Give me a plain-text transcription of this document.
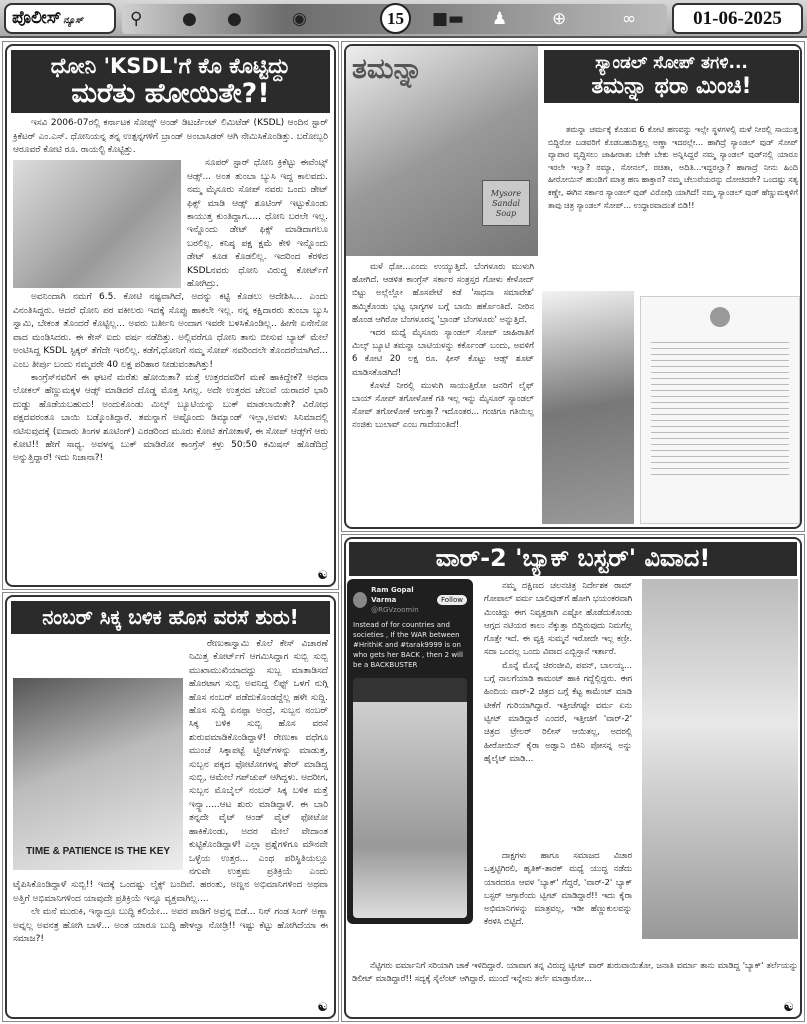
ಪೊಲೀಸ್ ನ್ಯೂಸ್	⚲ ● ●	◉	■▬ ♟	⊕	∞
15	01-06-2025
ಧೋನಿ 'KSDL'ಗೆ ಕೊ ಕೊಟ್ಟಿದ್ದು
ಮರೆತು ಹೋಯಿತೇ?!

ಇಸವಿ 2006-07ರಲ್ಲಿ ಕರ್ನಾಟಕ ಸೋಪ್ಸ್ ಅಂಡ್ ಡಿಟರ್ಜೆಂಟ್ ಲಿಮಿಟೆಡ್ (KSDL) ಆಂದಿನ ಸ್ಟಾರ್ ಕ್ರಿಕೆಟರ್ ಎಂ.ಎಸ್. ಧೋನಿಯನ್ನ ತನ್ನ ಉತ್ಪನ್ನಗಳಿಗೆ ಬ್ರಾಂಡ್ ಅಂಬಾಸಿಡರ್ ಆಗಿ ನೇಮಿಸಿಕೊಂಡಿತ್ತು. ಬರೋಬ್ಬರಿ ಆರೂವರೆ ಕೋಟಿ ರೂ. ರಾಯಲ್ಟಿ ಕೊಟ್ಟಿತ್ತು.

ಸೂಪರ್ ಸ್ಟಾರ್ ಧೋನಿ ಕ್ರಿಕೆಟ್ಟು ಈವೆಂಟ್ಸ್ ಆಡ್ಸ್... ಅಂತ ತುಂಬಾ ಬ್ಯುಸಿ ಇದ್ದ ಕಾಲವದು. ನಮ್ಮ ಮೈಸೂರು ಸೋಪ್ ನವರು ಒಂದು ಡೇಟ್ ಫಿಕ್ಸ್ ಮಾಡಿ ಆಡ್ಸ್ ಶೂಟಿಂಗ್ ಇಟ್ಟುಕೊಂಡು ಕಾಯುತ್ತ ಕುಂತಿದ್ದಾಗ..... ಧೋನಿ ಬರಲೇ ಇಲ್ಲ. ಇನ್ನೊಂದು ಡೇಟ್ ಫಿಕ್ಸ್ ಮಾಡಿದಾಗಲೂ ಬರಲಿಲ್ಲ. ಕನಿಷ್ಠ ಪಕ್ಷ ಕ್ಷಮೆ ಕೇಳಿ ಇನ್ನೊಂದು ಡೇಟ್ ಕೂಡ ಕೊಡಲಿಲ್ಲ. ಇದರಿಂದ ಕೆರಳಿದ KSDLನವರು ಧೋನಿ ವಿರುದ್ಧ ಕೋರ್ಟ್‌ಗೆ ಹೋಗಿದ್ರು.

ಅವನಿಂದಾಗಿ ನಮಗೆ 6.5. ಕೋಟಿ ನಷ್ಟವಾಗಿದೆ, ಅದನ್ನು ಕಟ್ಟಿ ಕೊಡಲು ಆದೇಶಿಸಿ... ಎಂದು ವಿನಂತಿಸಿದ್ದರು. ಆದರೆ ಧೋನಿ ಪರ ವಕೀಲರು ಇದಕ್ಕೆ ಸೊಪ್ಪು ಹಾಕಲೇ ಇಲ್ಲ. ನನ್ನ ಕಕ್ಷಿದಾರರು ತುಂಬಾ ಬ್ಯುಸಿ ಸ್ವಾಮಿ, ಬೇಕಂತ ತೊಂದರೆ ಕೊಟ್ಟಿಲ್ಲ... ಅವರು ಬರ್ತೀನಿ ಅಂದಾಗ ಇವರೇ ಬಳಸಿಕೊಂಡಿಲ್ಲ.. ಹೀಗೇ ಏನೇನೋ ವಾದ ಮಂಡಿಸಿದರು. ಈ ಕೇಸ್ ಐದು ವರ್ಷ ನಡೆದಿತ್ತು. ಅಲ್ಲಿವರೆಗೂ ಧೋನಿ ತಾನು ಬೀಸುವ ಬ್ಯಾಟ್ ಮೇಲೆ ಅಂಟಿಸಿದ್ದ KSDL ಸ್ಟಿಕ್ಕರ್ ತೆಗೆದೇ ಇರಲಿಲ್ಲ. ಕಡೆಗೆ,ಧೋನಿಗೆ ನಮ್ಮ ಸೋಪ್ ನವರಿಂದಲೇ ತೊಂದರೆಯಾಗಿದೆ... ಎಂಬ ತೀರ್ಪು ಬಂದು ನಮ್ಮವರೇ 40 ಲಕ್ಷ ಪರಿಹಾರ ನೀಡುವಂತಾಗಿತ್ತು!

ಕಾಂಗ್ರೆಸ್‌ನವರಿಗೆ ಈ ಘಟನೆ ಮರೆತು ಹೋಯಿತಾ? ಮತ್ತೆ ಉತ್ತರದವರಿಗೆ ಮಣೆ ಹಾಕಿದ್ದೇಕೆ? ಅಥವಾ ಲೋಕಲ್ ಹೆಣ್ಣುಮಕ್ಕಳ ಆಡ್ಸ್ ಮಾಡಿದರೆ ದೊಡ್ಡ ಮೊತ್ತ ಸಿಗಲ್ಲ. ಅದೇ ಉತ್ತರದ ಚೆಲುವೆ ಯರಾದರೆ ಭಾರಿ ದುಡ್ಡು ಹೊಡೆಯಬಹುದು! ಅಂದುಕೊಂಡು ಮಿಲ್ಕ್ ಬ್ಯೂಟಿಯನ್ನು ಬುಕ್ ಮಾಡಲಾಯಿತೇ? ವಿರೋಧ ಪಕ್ಷದವರಂತೂ ಬಾಯಿ ಬಡ್ಕೊಂತಿದ್ದಾರೆ. ತಮನ್ನಾಗೆ ಅಷ್ಟೊಂದು ಡಿಮ್ಯಾಂಡ್ ಇಲ್ಲಾ,ಅವಳು ಸಿನಿಮಾದಲ್ಲಿ ನಟಿಸುವುದಕ್ಕೆ (ಐದಾರು ತಿಂಗಳ ಶೂಟಿಂಗ್) ಎರಡರಿಂದ ಮೂರು ಕೋಟಿ ತಗೋತಾಳೆ, ಈ ಸೋಪ್ ಆಡ್ಸ್‌ಗೆ ಆರು ಕೋಟಿ!! ಹೇಗೆ ಸಾಧ್ಯ. ಅವಳನ್ನ ಬುಕ್ ಮಾಡಿರೋ ಕಾಂಗ್ರೆಸ್ ಕಳ್ರು 50:50 ಕಮಿಷನ್ ಹೊಡೆದಿದ್ರೆ ಅನ್ನುತ್ತಿದ್ದಾರೆ! ಇದು ನಿಜಾನಾ?!

☯
ನಂಬರ್ ಸಿಕ್ಕ ಬಳಿಕ ಹೊಸ ವರಸೆ ಶುರು!
TIME & PATIENCE IS THE KEY

ರೇಣುಕಾಸ್ವಾಮಿ ಕೊಲೆ ಕೇಸ್ ವಿಚಾರಣೆ ನಿಮಿತ್ತ ಕೋರ್ಟ್‌ಗೆ ಆಗಮಿಸಿದ್ದಾಗ ಸುಬ್ಬಿ ಸುಬ್ಬಿ ಮುಖಾಮುಖಿಯಾದದ್ದು ಸುಬ್ಬ ಮಾತಾಡಿಸದೆ ಹೊರಟಾಗ ಸುಬ್ಬಿ ಅವನಿದ್ದ ಲಿಫ್ಟ್ ಒಳಗೆ ನುಗ್ಗಿ ಹೊಸ ನಂಬರ್ ಪಡೆದುಕೊಂಡದ್ದೆಲ್ಲ ಹಳೇ ಸುದ್ದಿ. ಹೊಸ ಸುದ್ದಿ ಏನಪ್ಪಾ ಅಂದ್ರೆ, ಸುಬ್ಬನ ನಂಬರ್ ಸಿಕ್ಕ ಬಳಿಕ ಸುಬ್ಬಿ ಹೊಸ ವರಸೆ ಶುರುವಮಾಡಿಕೊಂಡಿದ್ದಾಳೆ! ರೇಣುಕಾ ವಧೆಗೂ ಮುಂಚೆ ಸಿಕ್ಕಾಪಟ್ಟೆ ಟ್ವೀಟ್‌ಗಳನ್ನು ಮಾಡುತ್ತ, ಸುಬ್ಬನ ಪಕ್ಕದ ಫೋಟೋಗಳನ್ನ ಶೇರ್ ಮಾಡಿದ್ದ ಸುಬ್ಬಿ, ಆಮೇಲೆ ಗಪ್‌ಚುಪ್ ಆಗಿದ್ದಳು. ಆದರೀಗ, ಸುಬ್ಬನ ಮೊಬೈಲ್ ನಂಬರ್ ಸಿಕ್ಕ ಬಳಿಕ ಮತ್ತೆ ಇನ್ಸ್ಟಾ.....ಆಟ ಶುರು ಮಾಡಿದ್ದಾಳೆ. ಈ ಬಾರಿ ತನ್ನದೇ ವೈಟ್ ಆಂಡ್ ವೈಟ್ ಫೋಟೋ ಹಾಕಿಕೊಂಡು, ಅದರ ಮೇಲೆ ವೇದಾಂತ ಕುಟ್ಟಿಕೊಂಡಿದ್ದಾಳೆ! ಎಲ್ಲಾ ಪ್ರಶ್ನೆಗಳಿಗೂ ಮೌನವೇ ಒಳ್ಳೆಯ ಉತ್ತರ... ಎಂಥ ಪರಿಸ್ಥಿತಿಯಲ್ಲೂ ನಗುವೇ ಉತ್ತಮ ಪ್ರತಿಕ್ರಿಯೆ ಎಂದು ಟೈಪಿಸಿಕೊಂಡಿದ್ದಾಳೆ ಸುಬ್ಬಿ!! ಇದಕ್ಕೆ ಒಂದಷ್ಟು ಲೈಕ್ಸ್ ಬಂದಿವೆ. ಹರಂತು, ಅಣ್ಣನ ಅಭಿಮಾನಿಗಳಿಂದ ಅಥವಾ ಅತ್ತಿಗೆ ಅಭಿಮಾನಿಗಳಿಂದ ಯಾವುದೇ ಪ್ರತಿಕ್ರಿಯೆ ಇನ್ನೂ ವ್ಯಕ್ತವಾಗಿಲ್ಲ....

ಲೇ ಮನೆ ಮುರುಕಿ, ಇನ್ನಾದ್ರೂ ಬುದ್ಧಿ ಕಲಿಯೇ... ಅವರ ಪಾಡಿಗೆ ಅವ್ರನ್ನ ಬಿಡೆ... ನಿನ್ ಗಂಡ ಸಿಂಗ್ ಅಣ್ಣಾ ಅವ್ನಲ್ಲ ಅವನತ್ರ ಹೋಗಿ ಬಾಳೆ... ಅಂತ ಯಾರೂ ಬುದ್ಧಿ ಹೇಳಲ್ವಾ ನೋಡ್ರಿ!! ಇಷ್ಟು ಕೆಟ್ಟು ಹೋಗಿದೆಯಾ ಈ ಸಮಾಜ?!

☯
ತಮನ್ನಾ
Mysore Sandal Soap
ಸ್ಯಾಂಡಲ್ ಸೋಪ್ ತಗಳಿ...
ತಮನ್ನಾ ಥರಾ ಮಿಂಚಿ!

ತಮನ್ನಾ ಚರ್ಮಕ್ಕೆ ಕೊಡುವ 6 ಕೋಟಿ ಹಣವನ್ನು ಇಲ್ಲೇ ಸ್ಥಳಗಳಲ್ಲಿ ಮಳೆ ನೀರಲ್ಲಿ ಸಾಯುತ್ತ ಬಿದ್ದಿರೋ ಬಡವರಿಗೆ ಕೊಡಬಹುದಿತ್ತಲ್ಲ ಅಣ್ಣಾ ಇದರಲ್ಲೇ... ಹಾಗಿದ್ರೆ ಸ್ಯಾಂಡಲ್ ವುಡ್ ಸೋಪ್ ವ್ಯಾಪಾರ ವೃದ್ಧಿಸಲು ಜಾಹೀರಾತು ಬೇಕೇ ಬೇಕು ಅನ್ನಿಸಿದ್ದರೆ ನಮ್ಮ ಸ್ಯಾಂಡಲ್ ವುಡ್‌ನಲ್ಲಿ ಯಾರೂ ಇರಲೇ ಇಲ್ವಾ? ರಮ್ಯಾ, ಸೋನಲ್, ರಚಿತಾ, ಅದಿತಿ...ಇದ್ದರಲ್ವಾ? ಹಾಗಾದ್ರೆ ನೀನು ಹಿಂದಿ ಹೀರೋಯಿನ್ ಹುಂಡಿಗೆ ಮಾತ್ರ ಹಣ ಹಾಕ್ತಾರ? ನಮ್ಮ ಚೆಲುವೆಯರನ್ನು ದೋಚಿದರೇ? ಒಂದಷ್ಟು ಸತ್ಯ ಕಣ್ಣೇ, ಈಗಿನ ಸರ್ಕಾರ ಸ್ಯಾಂಡಲ್ ವುಡ್ ವಿರೋಧಿ ಯಾಗಿದೆ! ನಮ್ಮ ಸ್ಯಾಂಡಲ್ ವುಡ್ ಹೆಣ್ಣುಮಕ್ಕಳಿಗೆ ತಾವು ಚಿತ್ರ ಸ್ಯಾಂಡಲ್ ಸೋಪ್... ಉದ್ಧಾರವಾದಂತೆ ಬಿಡಿ!!

ಮಳೆ ಧೋ...ಎಂದು ಉಯ್ಯುತ್ತಿದೆ. ಬೆಂಗಳೂರು ಮುಳುಗಿ ಹೋಗಿದೆ. ಆಡಳಿತ ಕಾಂಗ್ರೆಸ್ ಸರ್ಕಾರ ಸಂತ್ರಸ್ತರ ಗೋಳು ಕೇಳೋದ್ ಬಿಟ್ಟು ಅಲ್ಲೆಲ್ಲೋ ಹೊಸಪೇಟೆ ಕಡೆ 'ಸಾಧನಾ ಸಮಾವೇಶ' ಹಮ್ಮಿಕೊಂಡು ಭಟ್ಟ ಭಾಗ್ಯಗಳ ಬಗ್ಗೆ ಬಾಯಿ ಹರ್ಕೊಂತಿದೆ. ನೀರಿನ ಹೊಂಡ ಆಗಿರೋ ಬೆಂಗಳೂರನ್ನ 'ಬ್ರಾಂಡ್ ಬೆಂಗಳೂರು' ಅನ್ನುತ್ತಿದೆ.

ಇದರ ಮಧ್ಯೆ ಮೈಸೂರು ಸ್ಯಾಂಡಲ್ ಸೋಪ್ ಜಾಹಿರಾತಿಗೆ ಮಿಲ್ಕ್ ಬ್ಯೂಟಿ ತಮನ್ನಾ ಬಾಟಿಯಳನ್ನು ಕರ್ಕೊಂಡ್ ಬಂದು, ಅವಳಿಗೆ 6 ಕೋಟಿ 20 ಲಕ್ಷ ರೂ. ಫೀಸ್ ಕೊಟ್ಟು ಆಡ್ಸ್ ಶೂಟ್ ಮಾಡಿಸಕೊಡಗಿದೆ!

ಕೊಳಚೆ ನೀರಲ್ಲಿ ಮುಳುಗಿ ಸಾಯುತ್ತಿರೋ ಜನರಿಗೆ ಲೈಫ್ ಬಾಯ್ ಸೋಪ್ ತಗೋಳೋಕೆ ಗತಿ ಇಲ್ಲ ಇನ್ನು ಮೈಸೂರ್ ಸ್ಯಾಂಡಲ್ ಸೋಪ್ ತಗೋಳೋಕೆ ಆಗುತ್ತಾ? ಇದೊಂತರ... ಗಂಜಿಗೂ ಗತಿಯಿಲ್ಲ ನಂಜಿಕು ಬುಲಾವ್ ಎಂಬ ಗಾದೆಯಂತಿದೆ!

ವಾರ್-2 'ಬ್ಯಾಕ್ ಬಸ್ಟರ್' ವಿವಾದ!

ನಮ್ಮ ದಕ್ಷಿಣದ ಚಲನಚಿತ್ರ ನಿರ್ದೇಶಕ ರಾಮ್ ಗೋಪಾಲ್ ವರ್ಮ ಬಾಲಿವುಡ್‌ಗೆ ಹೋಗಿ ಭಯಂಕರವಾಗಿ ಮಿಂಚಿದ್ದು ಈಗ ನಿವೃತ್ತರಾಗಿ ಎಷ್ಟೋ ಹೊಡೆದುಕೊಂಡು ಆಗ್ಗದ ನಟಿಯರ ಕಾಲು ನೆಕ್ಕುತ್ತಾ ಬಿದ್ದಿರುವುದು ನಿಮಗೆಲ್ಲ ಗೊತ್ತೇ ಇದೆ. ಈ ವ್ಯಕ್ತಿ ಸುಮ್ಮನೆ ಇರೋದೇ ಇಲ್ಲ ಕಣ್ರೀ. ಸದಾ ಒಂದಲ್ಲ ಒಂದು ವಿವಾದ ಎಬ್ಬಿಸ್ತಾನೆ ಇರ್ತಾರೆ.

ಮೊನ್ನೆ ಮೊನ್ನೆ ಚಿರಂಜೀವಿ, ಪವನ್, ಬಾಲಯ್ಯ... ಬಗ್ಗೆ ನಾಲಗೆಯಾಡಿ ಕಾಮಂಟ್ ಹಾಕಿ ಗದ್ದೆಲ್ಲಿದ್ದರು. ಈಗ ಹಿಂದಿಯ ವಾರ್-2 ಚಿತ್ರದ ಬಗ್ಗೆ ಕೆಟ್ಟ ಕಾಮೆಂಟ್ ಮಾಡಿ ಟೀಕೆಗೆ ಗುರಿಯಾಗಿದ್ದಾರೆ. ಇತ್ತೀಚೆಗಷ್ಟೇ ವರ್ಮ ಏನು ಟ್ವೀಟ್ ಮಾಡಿದ್ದಾರೆ ಎಂದರೆ, ಇತ್ತೀಚಿಗೆ 'ವಾರ್-2' ಚಿತ್ರದ ಟ್ರೇಲರ್ ರಿಲೀಸ್ ಆಯಿತಲ್ಲ, ಅದರಲ್ಲಿ ಹೀರೋಯಿನ್ ಕೈರಾ ಅಡ್ವಾನಿ ಬಿಕಿನಿ ಪೋಸನ್ನ ಅನ್ನು ಹೈಲೈಟ್ ಮಾಡಿ...

ದಾಕ್ಷಗಳು ಹಾಗೂ ಸಮಾಜದ ವಿಚಾರ ಒತ್ತಟ್ಟಿಗಿರಲಿ, ಹೃತಿಕ್-ತಾರಕ್ ಮಧ್ಯೆ ಯುದ್ಧ ನಡೆದು ಯಾರದರೂ ಆವಳ 'ಬ್ಯಾಕ್' ಗೆದ್ದರೆ, 'ವಾರ್-2' ಬ್ಯಾಕ್ ಬಸ್ಟರ್ ಆಗ್ತಾರೆಂದು ಟ್ವೀಟ್ ಮಾಡಿದ್ದಾರೆ!! ಇದು ಕೈರಾ ಅಭಿಮಾನಿಗಳನ್ನು ಮಾತ್ರವಲ್ಲ, ಇಡೀ ಹೆಣ್ಣುಕುಲವನ್ನು ಕೆರಳಿಸಿ ಬಿಟ್ಟಿದೆ.

ನೆಟ್ಟಿಗರು ವರ್ಮಾನಿಗೆ ಸರಿಯಾಗಿ ಚಾಕೆ ಇಳಿದಿದ್ದಾರೆ. ಯಾವಾಗ ತನ್ನ ವಿರುದ್ಧ ಟ್ವೀಟ್ ವಾರ್ ಶುರುವಾಯಿತೋ, ಜನಾತಿ ವರ್ಮಾ ತಾನು ಮಾಡಿದ್ದ 'ಬ್ಯಾಕ್' ತರ್ಲೆಯನ್ನು ಡಿಲೀಟ್ ಮಾಡಿದ್ದಾರೆ!! ಸದ್ಯಕ್ಕೆ ಸೈಲೆಂಟ್ ಆಗಿದ್ದಾರೆ. ಮುಂದೆ ಇನ್ನೇನು ತರ್ಲೆ ಮಾಡ್ತಾರೋ...

☯
Ram Gopal Varma
@RGVzoomin
Follow
Instead of for countries and societies , If the WAR between #HrithiK and #tarak9999 is on who gets her BACK , then 2 will be a BACKBUSTER
